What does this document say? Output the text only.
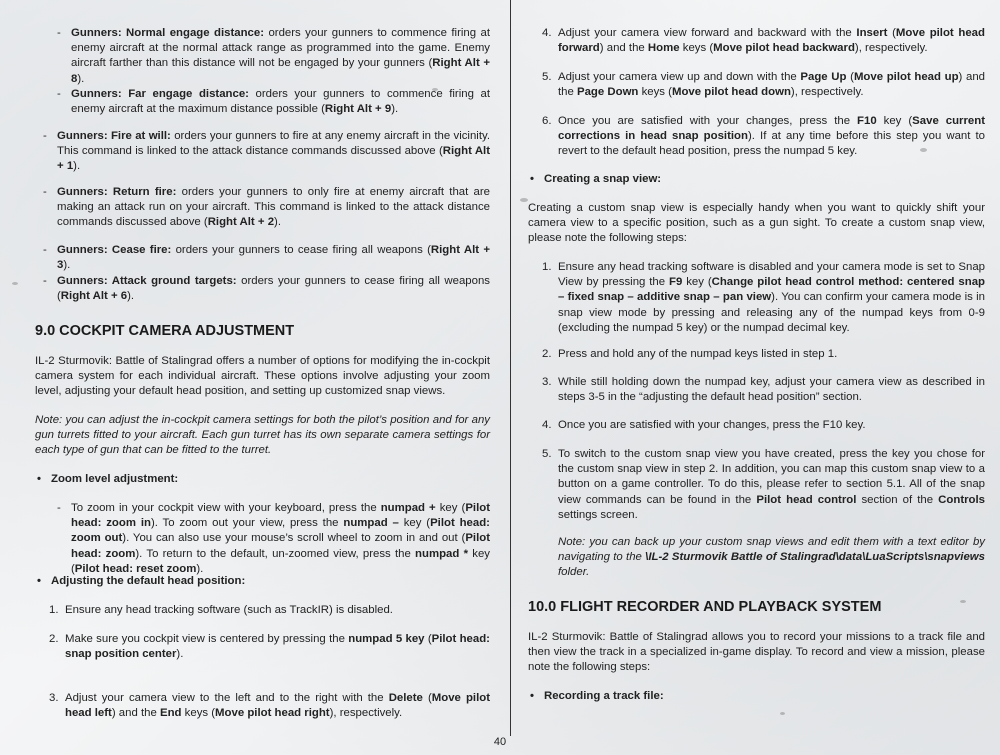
- Gunners: Normal engage distance: orders your gunners to commence firing at enemy aircraft at the normal attack range as programmed into the game. Enemy aircraft farther than this distance will not be engaged by your gunners (Right Alt + 8).

- Gunners: Far engage distance: orders your gunners to commence firing at enemy aircraft at the maximum distance possible (Right Alt + 9).

- Gunners: Fire at will: orders your gunners to fire at any enemy aircraft in the vicinity. This command is linked to the attack distance commands discussed above (Right Alt + 1).

- Gunners: Return fire: orders your gunners to only fire at enemy aircraft that are making an attack run on your aircraft. This command is linked to the attack distance commands discussed above (Right Alt + 2).

- Gunners: Cease fire: orders your gunners to cease firing all weapons (Right Alt + 3).

- Gunners: Attack ground targets: orders your gunners to cease firing all weapons (Right Alt + 6).

9.0 COCKPIT CAMERA ADJUSTMENT

IL-2 Sturmovik: Battle of Stalingrad offers a number of options for modifying the in-cockpit camera system for each individual aircraft. These options involve adjusting your zoom level, adjusting your default head position, and setting up customized snap views.

Note: you can adjust the in-cockpit camera settings for both the pilot’s position and for any gun turrets fitted to your aircraft. Each gun turret has its own separate camera settings for each type of gun that can be fitted to the turret.

• Zoom level adjustment:

- To zoom in your cockpit view with your keyboard, press the numpad + key (Pilot head: zoom in). To zoom out your view, press the numpad – key (Pilot head: zoom out). You can also use your mouse’s scroll wheel to zoom in and out (Pilot head: zoom). To return to the default, un-zoomed view, press the numpad * key (Pilot head: reset zoom).

• Adjusting the default head position:

1. Ensure any head tracking software (such as TrackIR) is disabled.

2. Make sure you cockpit view is centered by pressing the numpad 5 key (Pilot head: snap position center).

3. Adjust your camera view to the left and to the right with the Delete (Move pilot head left) and the End keys (Move pilot head right), respectively.

4. Adjust your camera view forward and backward with the Insert (Move pilot head forward) and the Home keys (Move pilot head backward), respectively.

5. Adjust your camera view up and down with the Page Up (Move pilot head up) and the Page Down keys (Move pilot head down), respectively.

6. Once you are satisfied with your changes, press the F10 key (Save current corrections in head snap position). If at any time before this step you want to revert to the default head position, press the numpad 5 key.

• Creating a snap view:

Creating a custom snap view is especially handy when you want to quickly shift your camera view to a specific position, such as a gun sight. To create a custom snap view, please note the following steps:

1. Ensure any head tracking software is disabled and your camera mode is set to Snap View by pressing the F9 key (Change pilot head control method: centered snap – fixed snap – additive snap – pan view). You can confirm your camera mode is in snap view mode by pressing and releasing any of the numpad keys from 0-9 (excluding the numpad 5 key) or the numpad decimal key.

2. Press and hold any of the numpad keys listed in step 1.

3. While still holding down the numpad key, adjust your camera view as described in steps 3-5 in the “adjusting the default head position” section.

4. Once you are satisfied with your changes, press the F10 key.

5. To switch to the custom snap view you have created, press the key you chose for the custom snap view in step 2. In addition, you can map this custom snap view to a button on a game controller. To do this, please refer to section 5.1. All of the snap view commands can be found in the Pilot head control section of the Controls settings screen.

Note: you can back up your custom snap views and edit them with a text editor by navigating to the \IL-2 Sturmovik Battle of Stalingrad\data\LuaScripts\snapviews folder.

10.0 FLIGHT RECORDER AND PLAYBACK SYSTEM

IL-2 Sturmovik: Battle of Stalingrad allows you to record your missions to a track file and then view the track in a specialized in-game display. To record and view a mission, please note the following steps:

• Recording a track file:

40
